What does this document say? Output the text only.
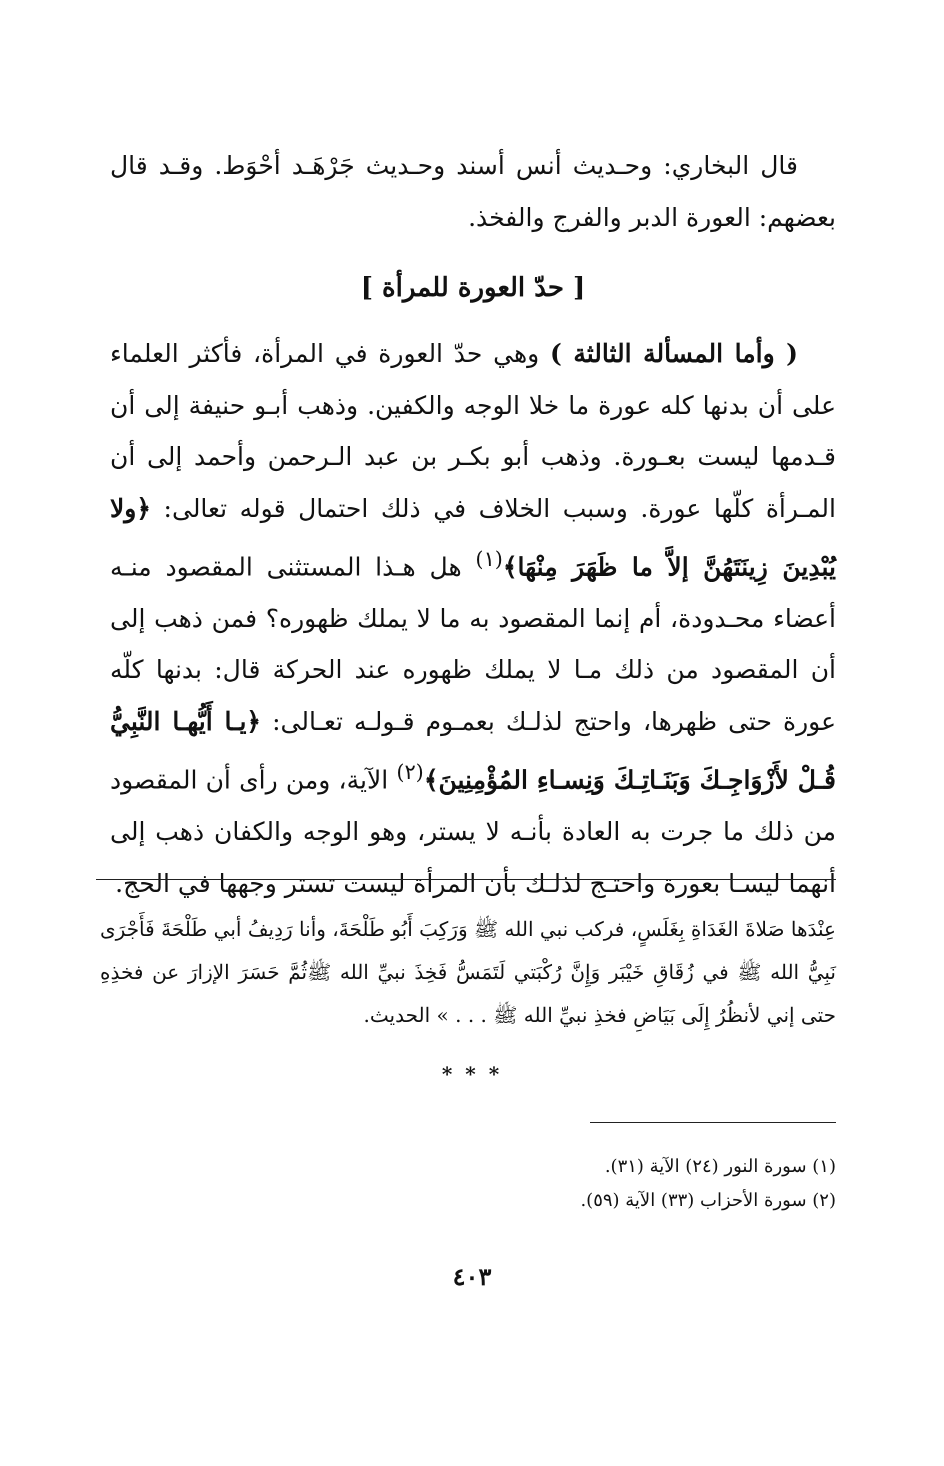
قال البخاري: وحـديث أنس أسند وحـديث جَرْهَـد أحْوَط. وقـد قال بعضهم: العورة الدبر والفرج والفخذ.

[ حدّ العورة للمرأة ]

( وأما المسألة الثالثة ) وهي حدّ العورة في المرأة، فأكثر العلماء على أن بدنها كله عورة ما خلا الوجه والكفين. وذهب أبـو حنيفة إلى أن قـدمها ليست بعـورة. وذهب أبو بكـر بن عبد الـرحمن وأحمد إلى أن المـرأة كلّها عورة. وسبب الخلاف في ذلك احتمال قوله تعالى: ﴿ولا يُبْدِينَ زِينَتَهُنَّ إلاَّ ما ظَهَرَ مِنْهَا﴾$^{(١)}$ هل هـذا المستثنى المقصود منـه أعضاء محـدودة، أم إنما المقصود به ما لا يملك ظهوره؟ فمن ذهب إلى أن المقصود من ذلك مـا لا يملك ظهوره عند الحركة قال: بدنها كلّه عورة حتى ظهرها، واحتج لذلـك بعمـوم قـولـه تعـالى: ﴿يـا أَيُّهـا النَّبِيُّ قُـلْ لأَزْوَاجِـكَ وَبَنَـاتِـكَ وَنِسـاءِ المُؤْمِنِينَ﴾$^{(٢)}$ الآية، ومن رأى أن المقصود من ذلك ما جرت به العادة بأنـه لا يستر، وهو الوجه والكفان ذهب إلى أنهما ليسـا بعورة واحتـج لذلـك بأن المرأة ليست تستر وجهها في الحج.

عِنْدَها صَلاةَ الغَدَاةِ بِغَلَسٍ، فركب نبي الله ﷺ وَرَكِبَ أَبُو طَلْحَةَ، وأنا رَدِيفُ أبي طَلْحَةَ فَأَجْرَى نَبِيُّ الله ﷺ في زُقَاقِ خَيْبَر وَإِنَّ رُكْبَتي لَتَمَسُّ فَخِذَ نبيِّ الله ﷺثُمَّ حَسَرَ الإزارَ عن فخذِهِ حتى إني لأنظُرُ إِلَى بَيَاضِ فخذِ نبيِّ الله ﷺ . . . » الحديث.
* * *
(١) سورة النور (٢٤) الآية (٣١).
(٢) سورة الأحزاب (٣٣) الآية (٥٩).
٤٠٣
